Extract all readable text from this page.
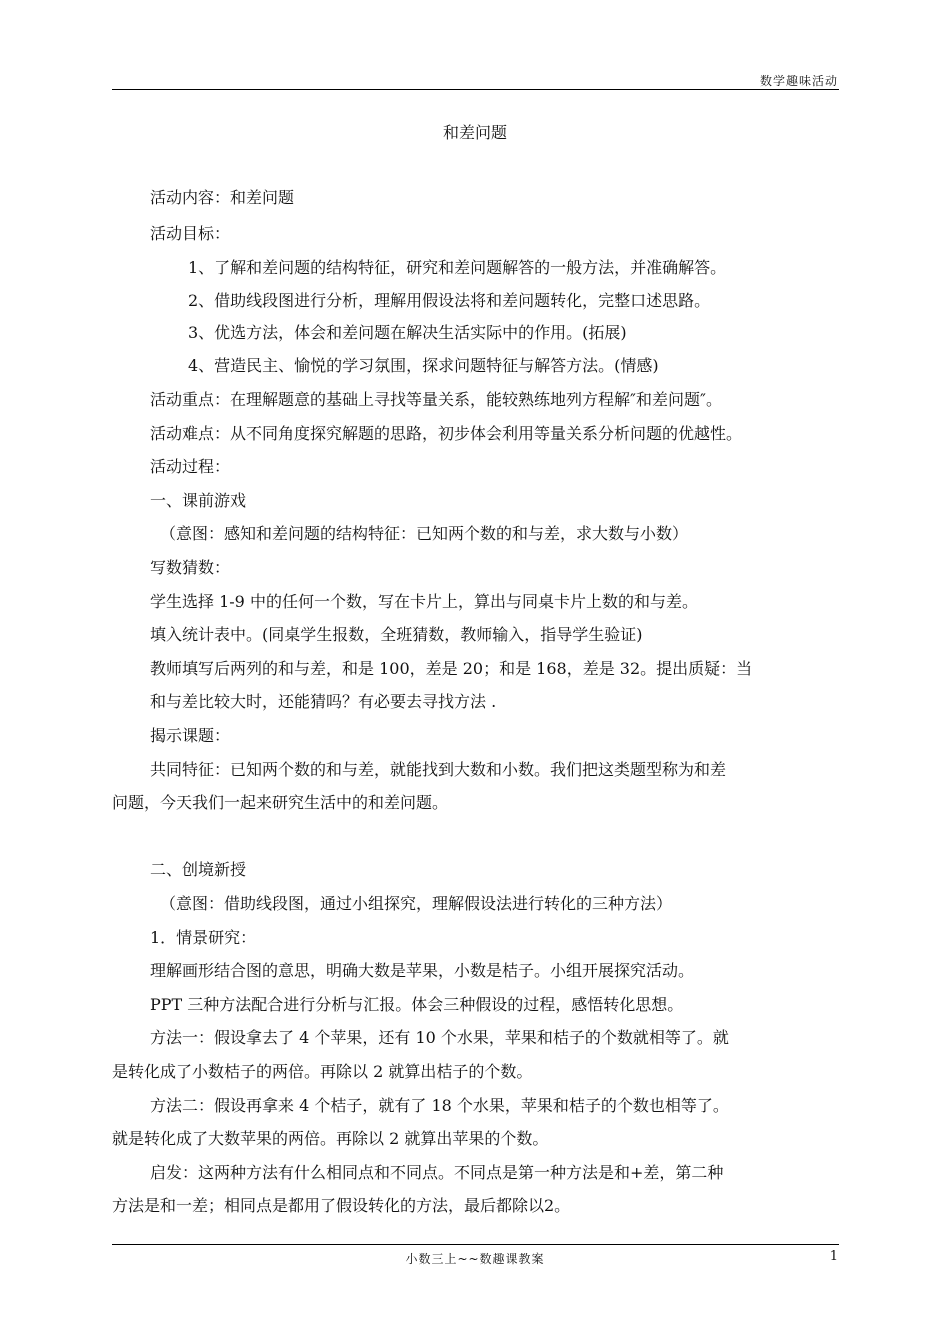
数学趣味活动
和差问题
活动内容：和差问题
活动目标：
1、了解和差问题的结构特征，研究和差问题解答的一般方法，并准确解答。
2、借助线段图进行分析，理解用假设法将和差问题转化，完整口述思路。
3、优选方法，体会和差问题在解决生活实际中的作用。(拓展)
4、营造民主、愉悦的学习氛围，探求问题特征与解答方法。(情感)
活动重点：在理解题意的基础上寻找等量关系，能较熟练地列方程解″和差问题″。
活动难点：从不同角度探究解题的思路，初步体会利用等量关系分析问题的优越性。
活动过程：
一、课前游戏
（意图：感知和差问题的结构特征：已知两个数的和与差，求大数与小数）
写数猜数：
学生选择 1-9 中的任何一个数，写在卡片上，算出与同桌卡片上数的和与差。
填入统计表中。(同桌学生报数，全班猜数，教师输入，指导学生验证)
教师填写后两列的和与差，和是 100，差是 20；和是 168，差是 32。提出质疑：当
和与差比较大时，还能猜吗？有必要去寻找方法 .
揭示课题：
共同特征：已知两个数的和与差，就能找到大数和小数。我们把这类题型称为和差
问题，今天我们一起来研究生活中的和差问题。
二、创境新授
（意图：借助线段图，通过小组探究，理解假设法进行转化的三种方法）
1．情景研究：
理解画形结合图的意思，明确大数是苹果，小数是桔子。小组开展探究活动。
PPT 三种方法配合进行分析与汇报。体会三种假设的过程，感悟转化思想。
方法一：假设拿去了 4 个苹果，还有 10 个水果，苹果和桔子的个数就相等了。就
是转化成了小数桔子的两倍。再除以 2 就算出桔子的个数。
方法二：假设再拿来 4 个桔子，就有了 18 个水果，苹果和桔子的个数也相等了。
就是转化成了大数苹果的两倍。再除以 2 就算出苹果的个数。
启发：这两种方法有什么相同点和不同点。不同点是第一种方法是和+差，第二种
方法是和一差；相同点是都用了假设转化的方法，最后都除以2。
小数三上~~数趣课教案	1
